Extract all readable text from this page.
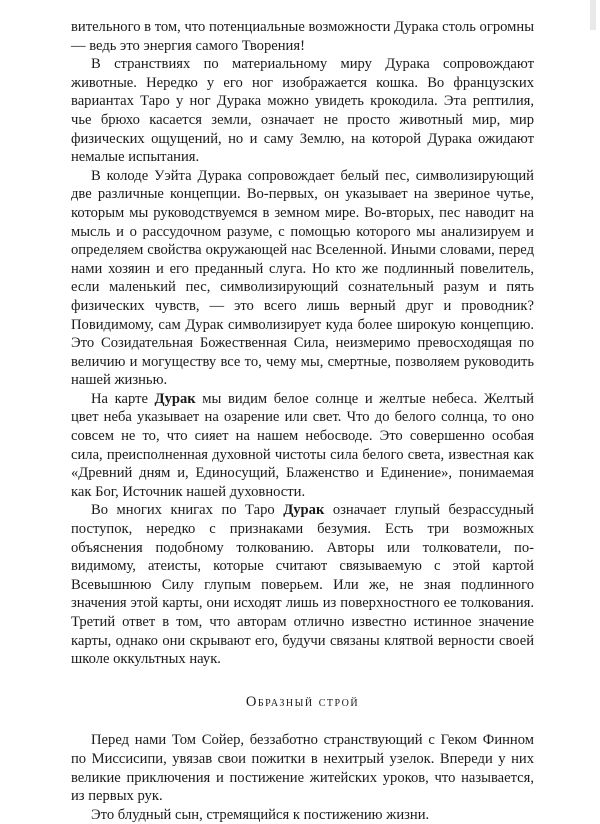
вительного в том, что потенциальные возможности Дурака столь огромны — ведь это энергия самого Творения!

В странствиях по материальному миру Дурака сопровождают животные. Нередко у его ног изображается кошка. Во французских вариантах Таро у ног Дурака можно увидеть крокодила. Эта рептилия, чье брюхо касается земли, означает не просто животный мир, мир физических ощущений, но и саму Землю, на которой Дурака ожидают немалые испытания.

В колоде Уэйта Дурака сопровождает белый пес, символизирующий две различные концепции. Во-первых, он указывает на звериное чутье, которым мы руководствуемся в земном мире. Во-вторых, пес наводит на мысль и о рассудочном разуме, с помощью которого мы анализируем и определяем свойства окружающей нас Вселенной. Иными словами, перед нами хозяин и его преданный слуга. Но кто же подлинный повелитель, если маленький пес, символизирующий сознательный разум и пять физических чувств, — это всего лишь верный друг и проводник? Повидимому, сам Дурак символизирует куда более широкую концепцию. Это Созидательная Божественная Сила, неизмеримо превосходящая по величию и могуществу все то, чему мы, смертные, позволяем руководить нашей жизнью.

На карте Дурак мы видим белое солнце и желтые небеса. Желтый цвет неба указывает на озарение или свет. Что до белого солнца, то оно совсем не то, что сияет на нашем небосводе. Это совершенно особая сила, преисполненная духовной чистоты сила белого света, известная как «Древний дням и, Единосущий, Блаженство и Единение», понимаемая как Бог, Источник нашей духовности.

Во многих книгах по Таро Дурак означает глупый безрассудный поступок, нередко с признаками безумия. Есть три возможных объяснения подобному толкованию. Авторы или толкователи, по-видимому, атеисты, которые считают связываемую с этой картой Всевышнюю Силу глупым поверьем. Или же, не зная подлинного значения этой карты, они исходят лишь из поверхностного ее толкования. Третий ответ в том, что авторам отлично известно истинное значение карты, однако они скрывают его, будучи связаны клятвой верности своей школе оккультных наук.

Образный строй

Перед нами Том Сойер, беззаботно странствующий с Геком Финном по Миссисипи, увязав свои пожитки в нехитрый узелок. Впереди у них великие приключения и постижение житейских уроков, что называется, из первых рук.

Это блудный сын, стремящийся к постижению жизни.
